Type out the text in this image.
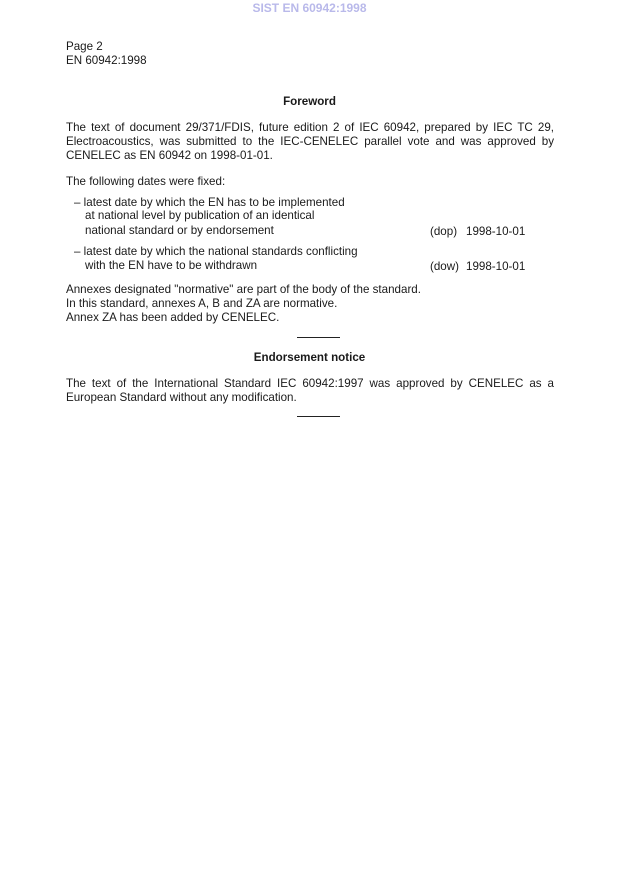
SIST EN 60942:1998
Page 2
EN 60942:1998
Foreword
The text of document 29/371/FDIS, future edition 2 of IEC 60942, prepared by IEC TC 29,
Electroacoustics, was submitted to the IEC-CENELEC parallel vote and was approved by
CENELEC as EN 60942 on 1998-01-01.
The following dates were fixed:
– latest date by which the EN has to be implemented
at national level by publication of an identical
national standard or by endorsement	(dop) 1998-10-01
– latest date by which the national standards conflicting
with the EN have to be withdrawn	(dow) 1998-10-01
Annexes designated "normative" are part of the body of the standard.
In this standard, annexes A, B and ZA are normative.
Annex ZA has been added by CENELEC.
Endorsement notice
The text of the International Standard IEC 60942:1997 was approved by CENELEC as a
European Standard without any modification.
